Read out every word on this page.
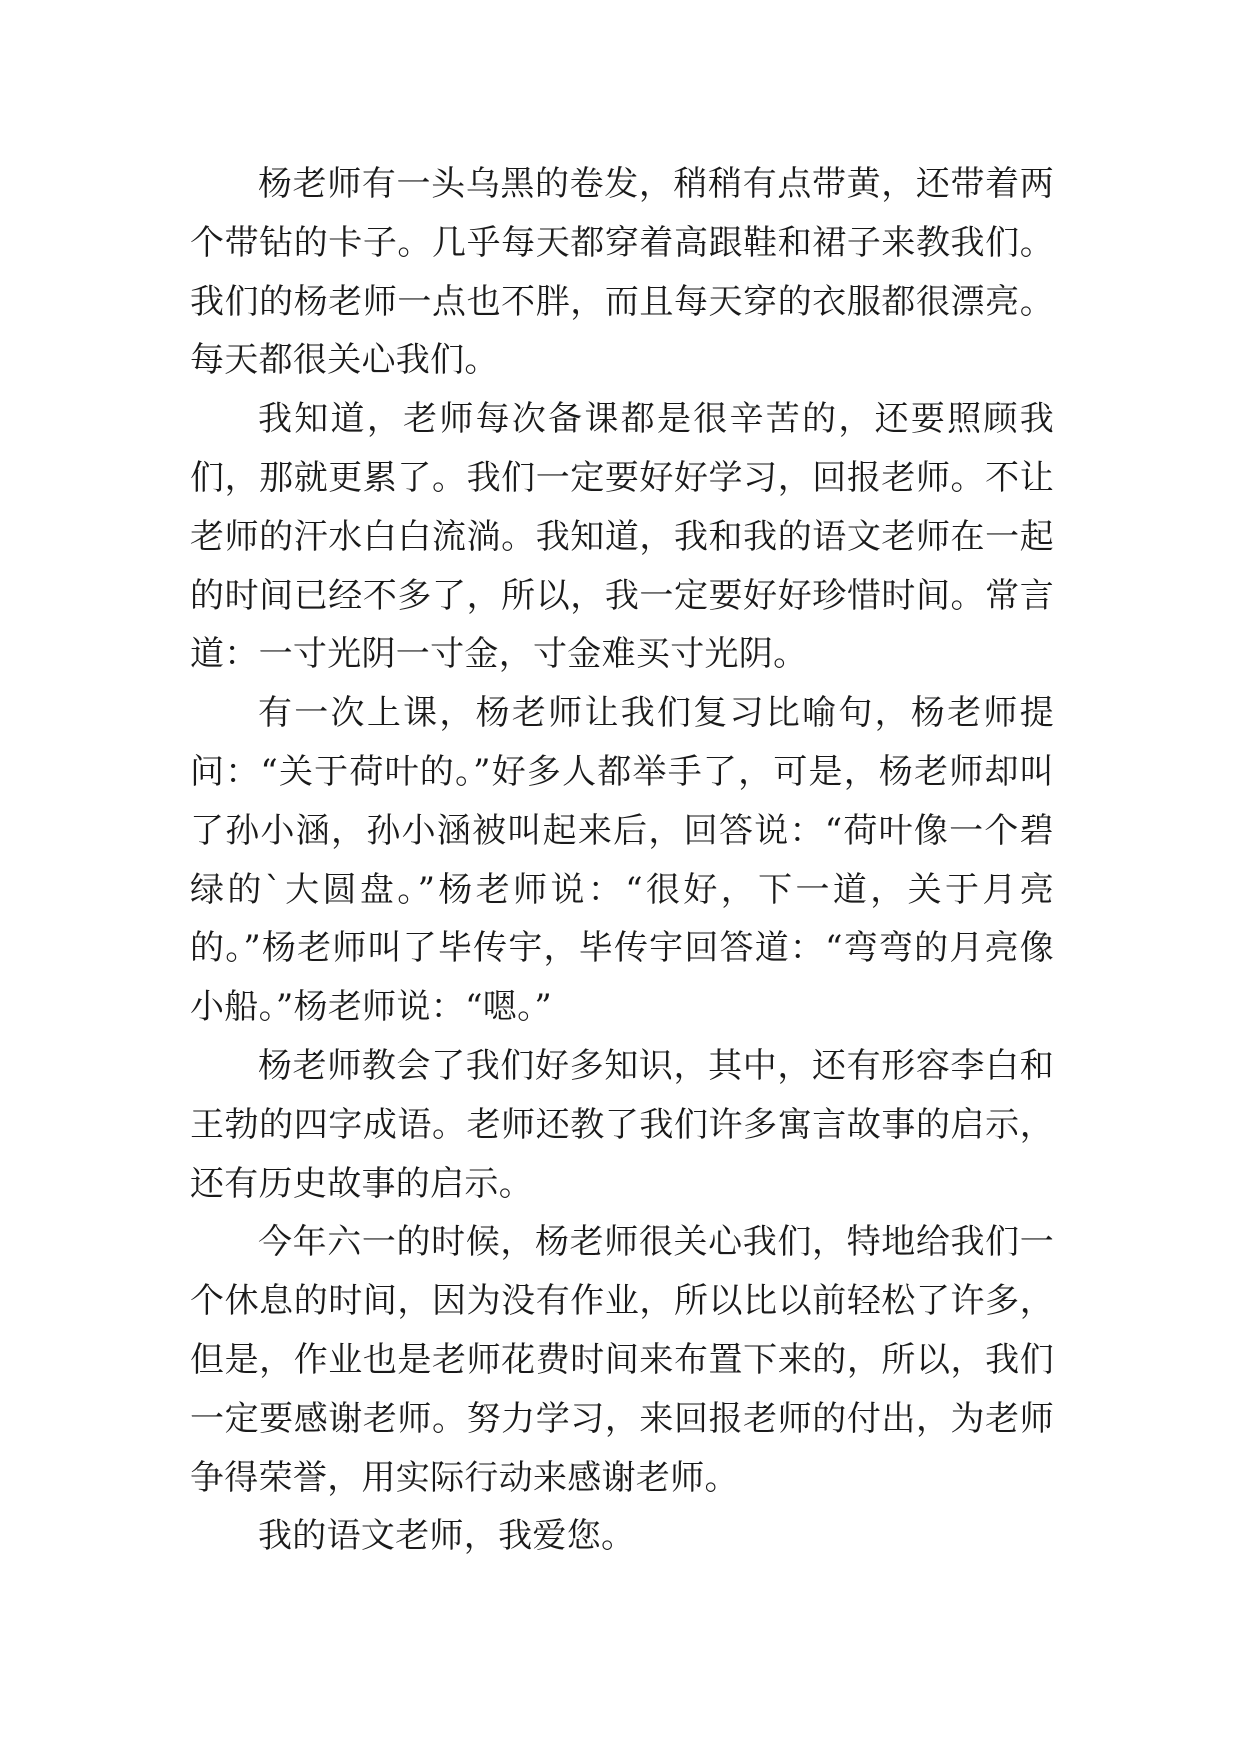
杨老师有一头乌黑的卷发，稍稍有点带黄，还带着两个带钻的卡子。几乎每天都穿着高跟鞋和裙子来教我们。我们的杨老师一点也不胖，而且每天穿的衣服都很漂亮。每天都很关心我们。

我知道，老师每次备课都是很辛苦的，还要照顾我们，那就更累了。我们一定要好好学习，回报老师。不让老师的汗水白白流淌。我知道，我和我的语文老师在一起的时间已经不多了，所以，我一定要好好珍惜时间。常言道：一寸光阴一寸金，寸金难买寸光阴。

有一次上课，杨老师让我们复习比喻句，杨老师提问：“关于荷叶的。”好多人都举手了，可是，杨老师却叫了孙小涵，孙小涵被叫起来后，回答说：“荷叶像一个碧绿的`大圆盘。”杨老师说：“很好，下一道，关于月亮的。”杨老师叫了毕传宇，毕传宇回答道：“弯弯的月亮像小船。”杨老师说：“嗯。”

杨老师教会了我们好多知识，其中，还有形容李白和王勃的四字成语。老师还教了我们许多寓言故事的启示，还有历史故事的启示。

今年六一的时候，杨老师很关心我们，特地给我们一个休息的时间，因为没有作业，所以比以前轻松了许多，但是，作业也是老师花费时间来布置下来的，所以，我们一定要感谢老师。努力学习，来回报老师的付出，为老师争得荣誉，用实际行动来感谢老师。

我的语文老师，我爱您。
